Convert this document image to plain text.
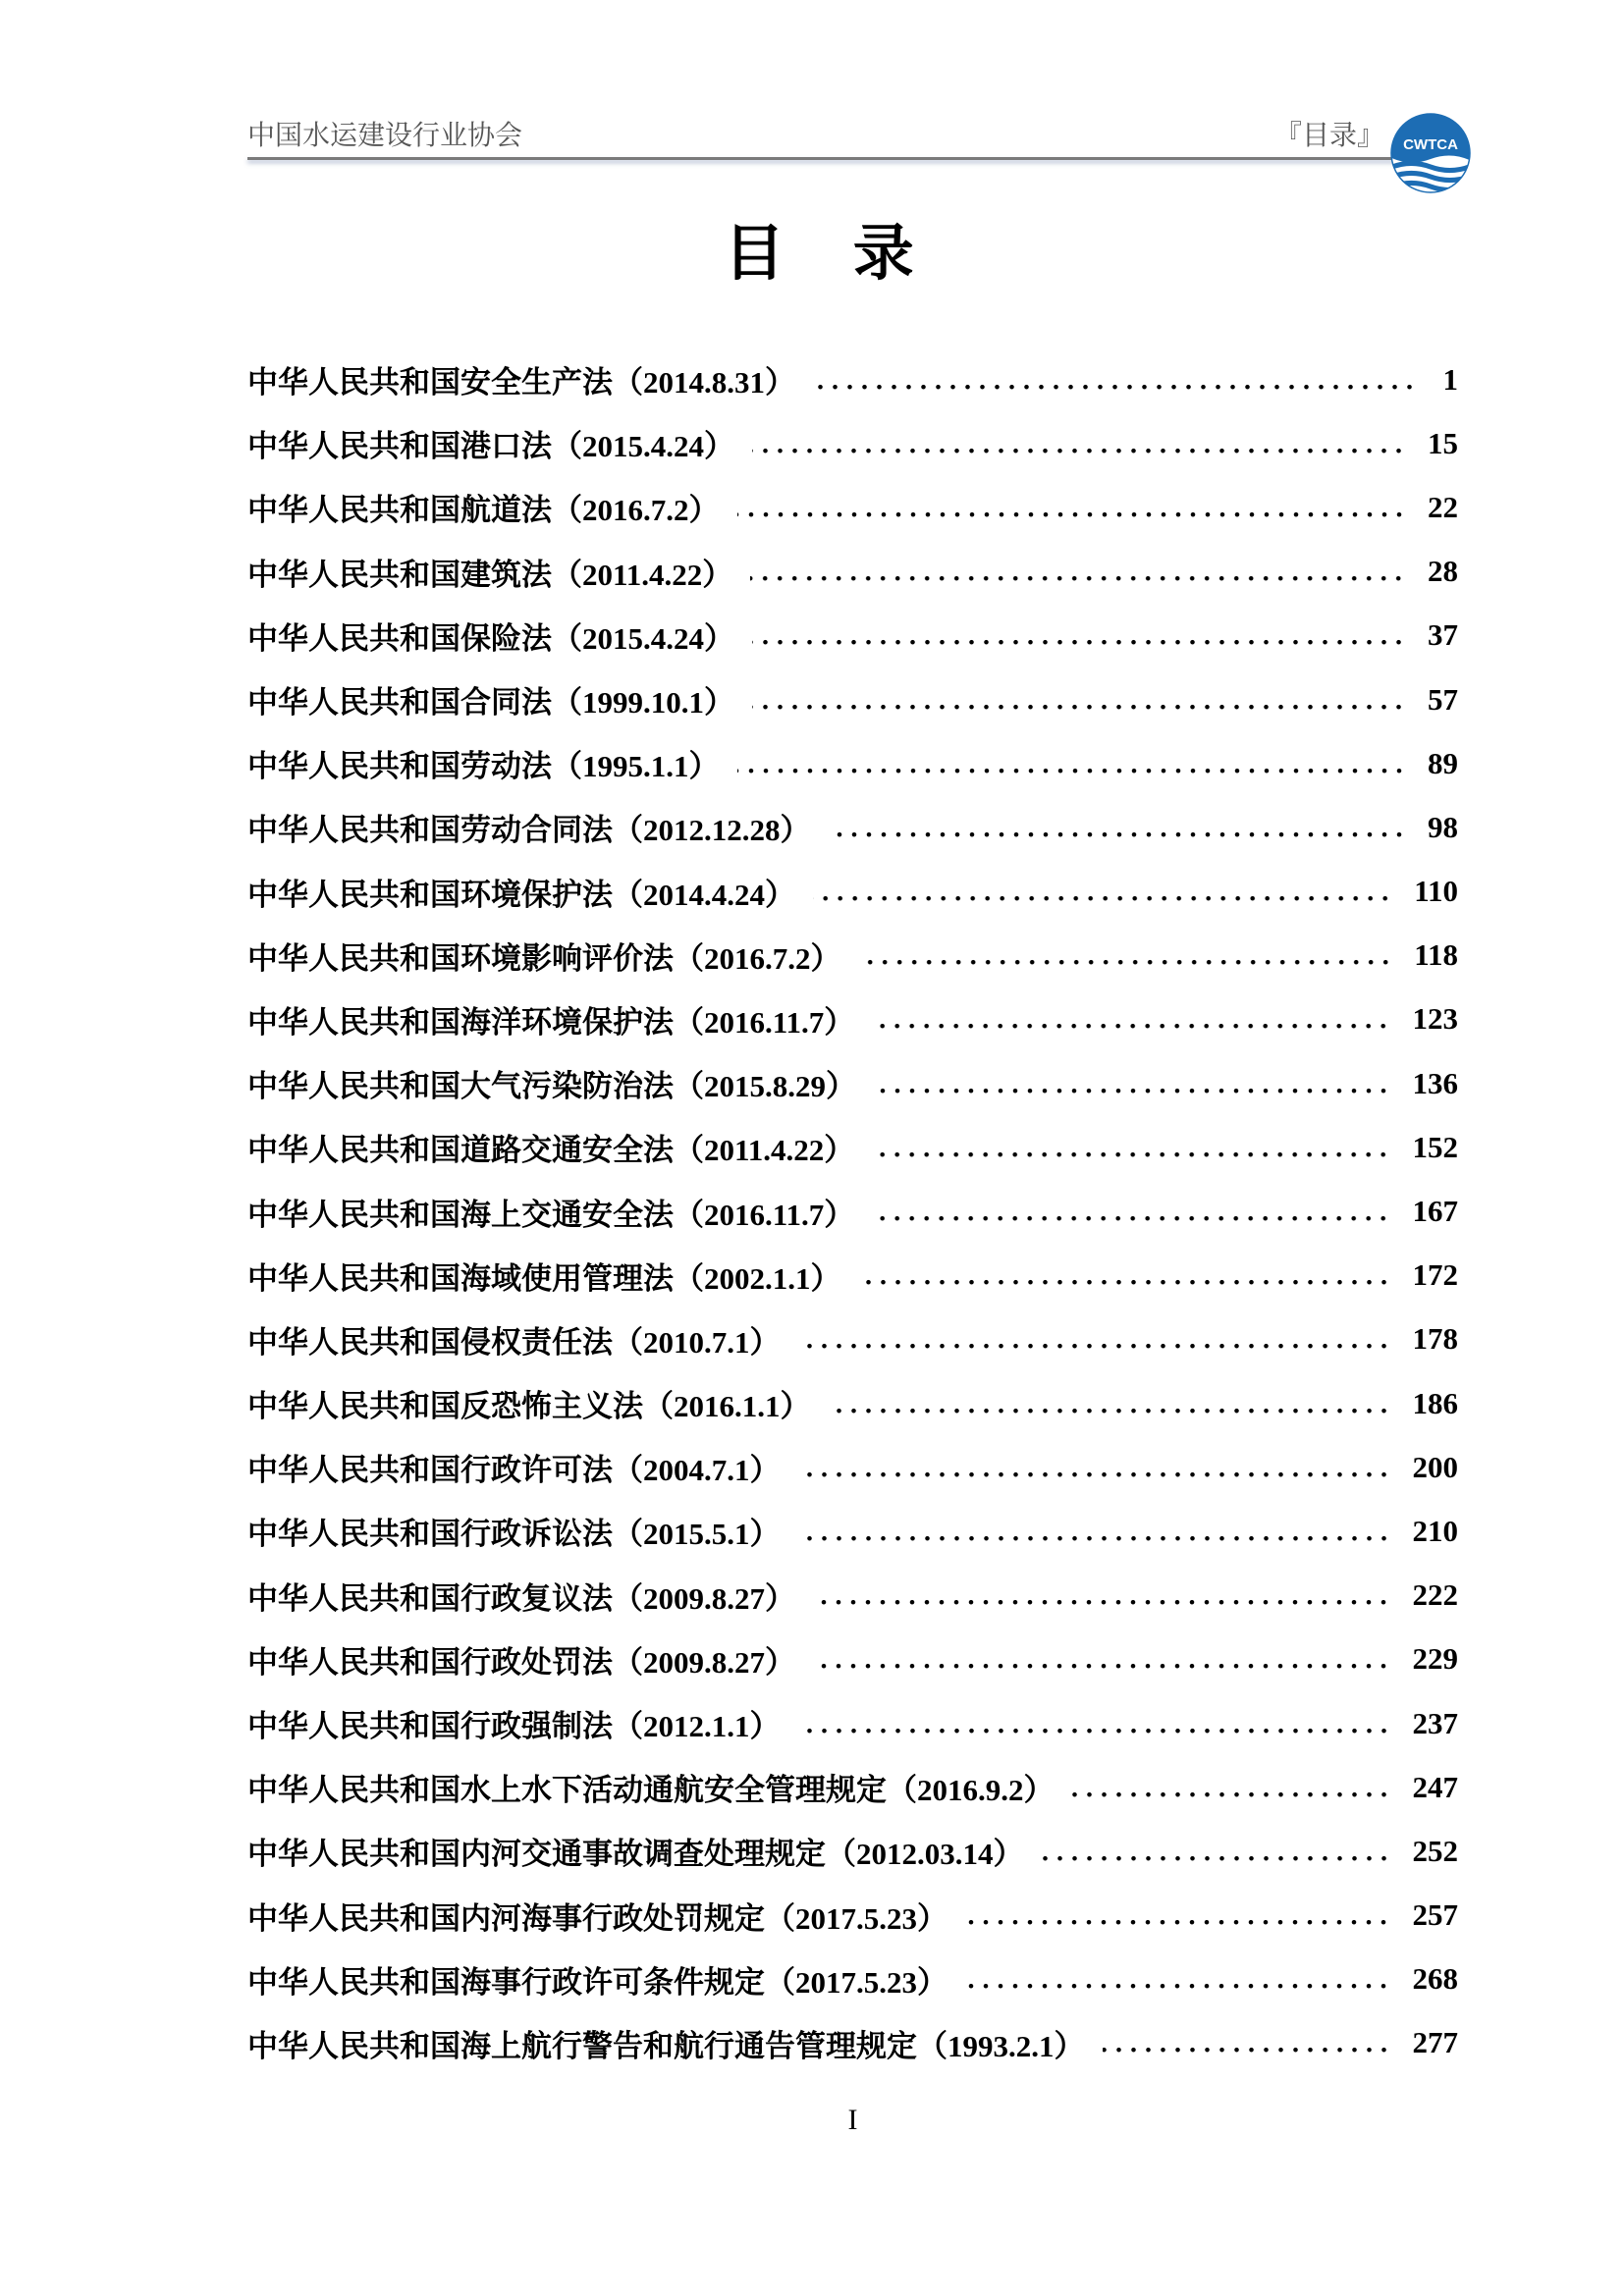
中国水运建设行业协会	『目录』 CWTCA
目 录
中华人民共和国安全生产法（2014.8.31）	1
中华人民共和国港口法（2015.4.24）	15
中华人民共和国航道法（2016.7.2）	22
中华人民共和国建筑法（2011.4.22）	28
中华人民共和国保险法（2015.4.24）	37
中华人民共和国合同法（1999.10.1）	57
中华人民共和国劳动法（1995.1.1）	89
中华人民共和国劳动合同法（2012.12.28）	98
中华人民共和国环境保护法（2014.4.24）	110
中华人民共和国环境影响评价法（2016.7.2）	118
中华人民共和国海洋环境保护法（2016.11.7）	123
中华人民共和国大气污染防治法（2015.8.29）	136
中华人民共和国道路交通安全法（2011.4.22）	152
中华人民共和国海上交通安全法（2016.11.7）	167
中华人民共和国海域使用管理法（2002.1.1）	172
中华人民共和国侵权责任法（2010.7.1）	178
中华人民共和国反恐怖主义法（2016.1.1）	186
中华人民共和国行政许可法（2004.7.1）	200
中华人民共和国行政诉讼法（2015.5.1）	210
中华人民共和国行政复议法（2009.8.27）	222
中华人民共和国行政处罚法（2009.8.27）	229
中华人民共和国行政强制法（2012.1.1）	237
中华人民共和国水上水下活动通航安全管理规定（2016.9.2）	247
中华人民共和国内河交通事故调查处理规定（2012.03.14）	252
中华人民共和国内河海事行政处罚规定（2017.5.23）	257
中华人民共和国海事行政许可条件规定（2017.5.23）	268
中华人民共和国海上航行警告和航行通告管理规定（1993.2.1）	277
I
